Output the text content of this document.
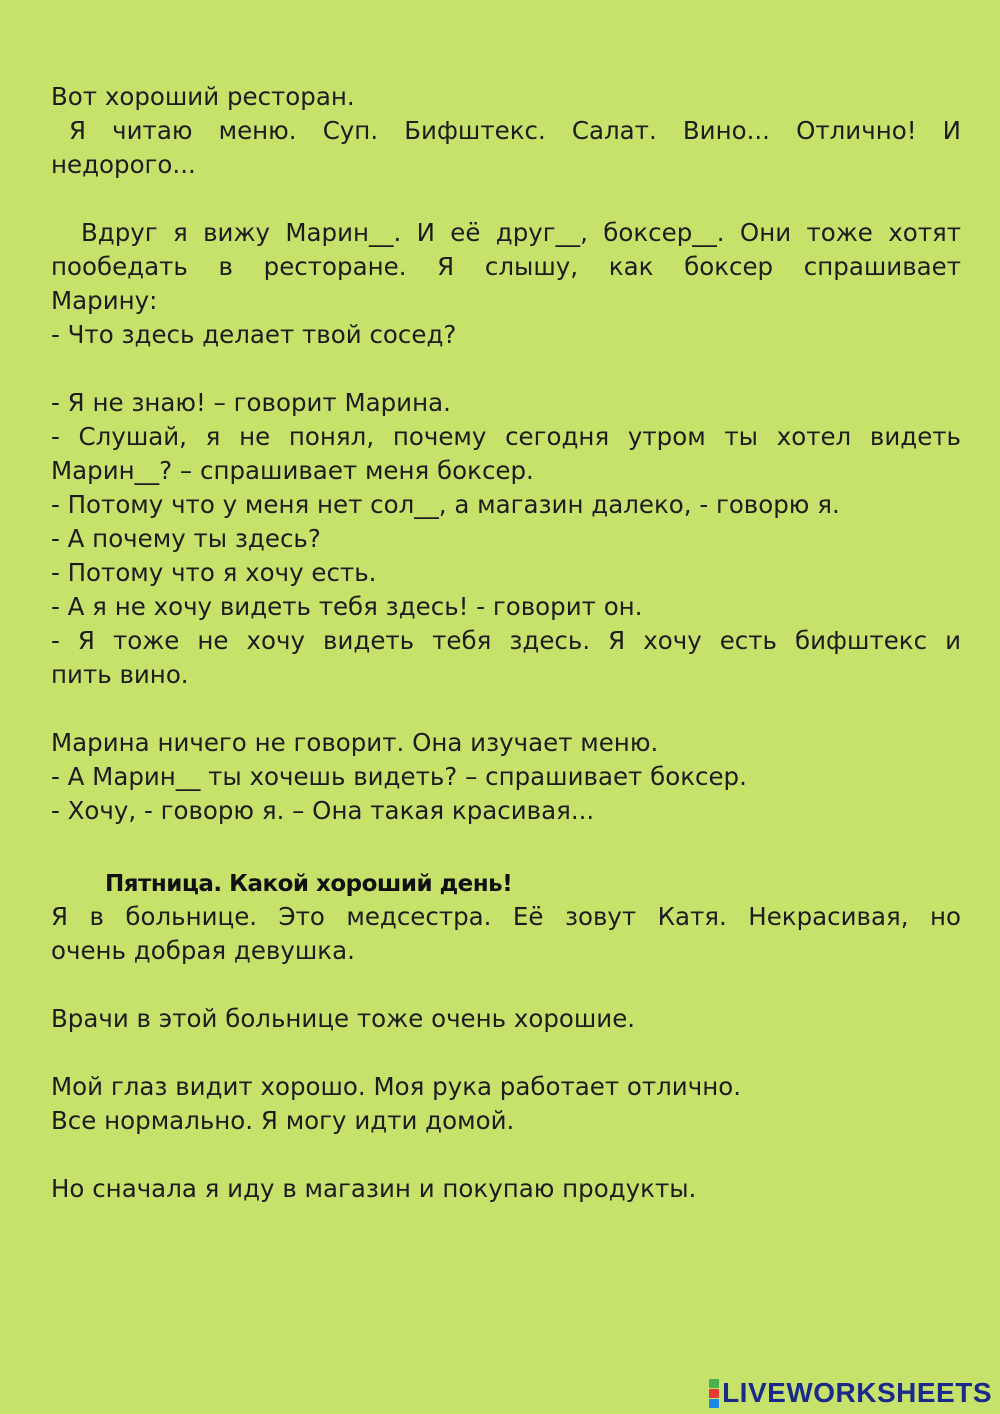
Вот хороший ресторан.
Я читаю меню. Суп. Бифштекс. Салат. Вино... Отлично! И
недорого...
Вдруг я вижу Марин__. И её друг__, боксер__. Они тоже хотят
пообедать в ресторане. Я слышу, как боксер спрашивает
Марину:
- Что здесь делает твой сосед?
- Я не знаю! – говорит Марина.
- Слушай, я не понял, почему сегодня утром ты хотел видеть
Марин__? – спрашивает меня боксер.
- Потому что у меня нет сол__, а магазин далеко, - говорю я.
- А почему ты здесь?
- Потому что я хочу есть.
- А я не хочу видеть тебя здесь! - говорит он.
- Я тоже не хочу видеть тебя здесь. Я хочу есть бифштекс и
пить вино.
Марина ничего не говорит. Она изучает меню.
- А Марин__ ты хочешь видеть? – спрашивает боксер.
- Хочу, - говорю я. – Она такая красивая...
Пятница. Какой хороший день!
Я в больнице. Это медсестра. Её зовут Катя. Некрасивая, но
очень добрая девушка.
Врачи в этой больнице тоже очень хорошие.
Мой глаз видит хорошо. Моя рука работает отлично.
Все нормально. Я могу идти домой.
Но сначала я иду в магазин и покупаю продукты.
LIVEWORKSHEETS
